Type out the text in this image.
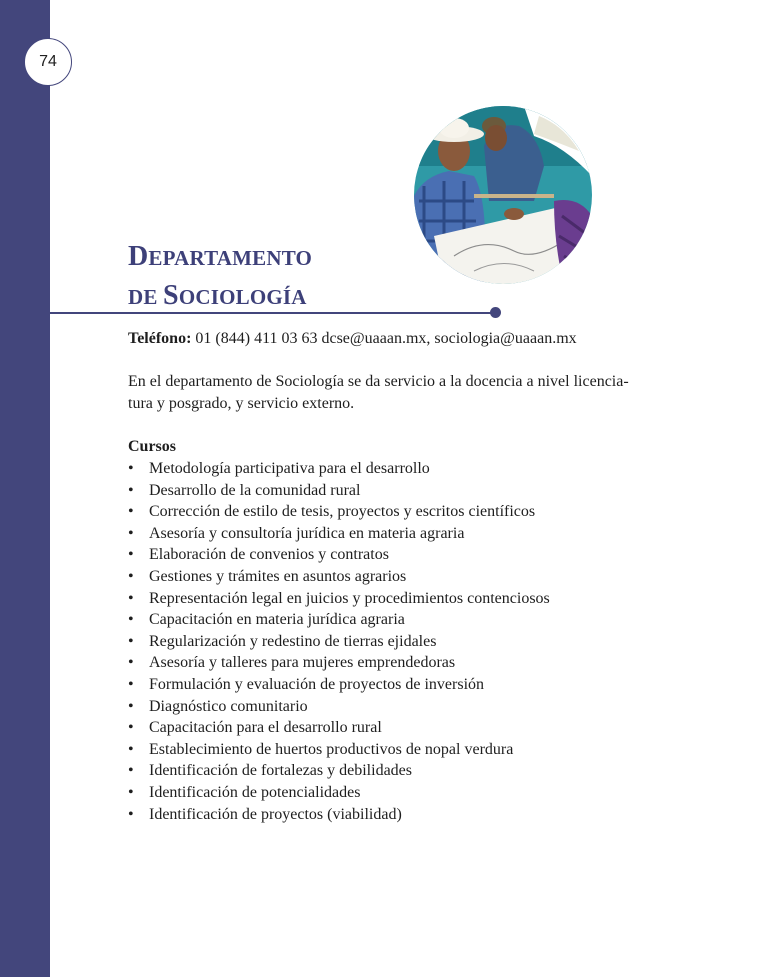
74
DEPARTAMENTO
DE SOCIOLOGÍA

Teléfono: 01 (844) 411 03 63 dcse@uaaan.mx, sociologia@uaaan.mx

En el departamento de Sociología se da servicio a la docencia a nivel licencia-
tura y posgrado, y servicio externo.

Cursos

• Metodología participativa para el desarrollo
• Desarrollo de la comunidad rural
• Corrección de estilo de tesis, proyectos y escritos científicos
• Asesoría y consultoría jurídica en materia agraria
• Elaboración de convenios y contratos
• Gestiones y trámites en asuntos agrarios
• Representación legal en juicios y procedimientos contenciosos
• Capacitación en materia jurídica agraria
• Regularización y redestino de tierras ejidales
• Asesoría y talleres para mujeres emprendedoras
• Formulación y evaluación de proyectos de inversión
• Diagnóstico comunitario
• Capacitación para el desarrollo rural
• Establecimiento de huertos productivos de nopal verdura
• Identificación de fortalezas y debilidades
• Identificación de potencialidades
• Identificación de proyectos (viabilidad)
